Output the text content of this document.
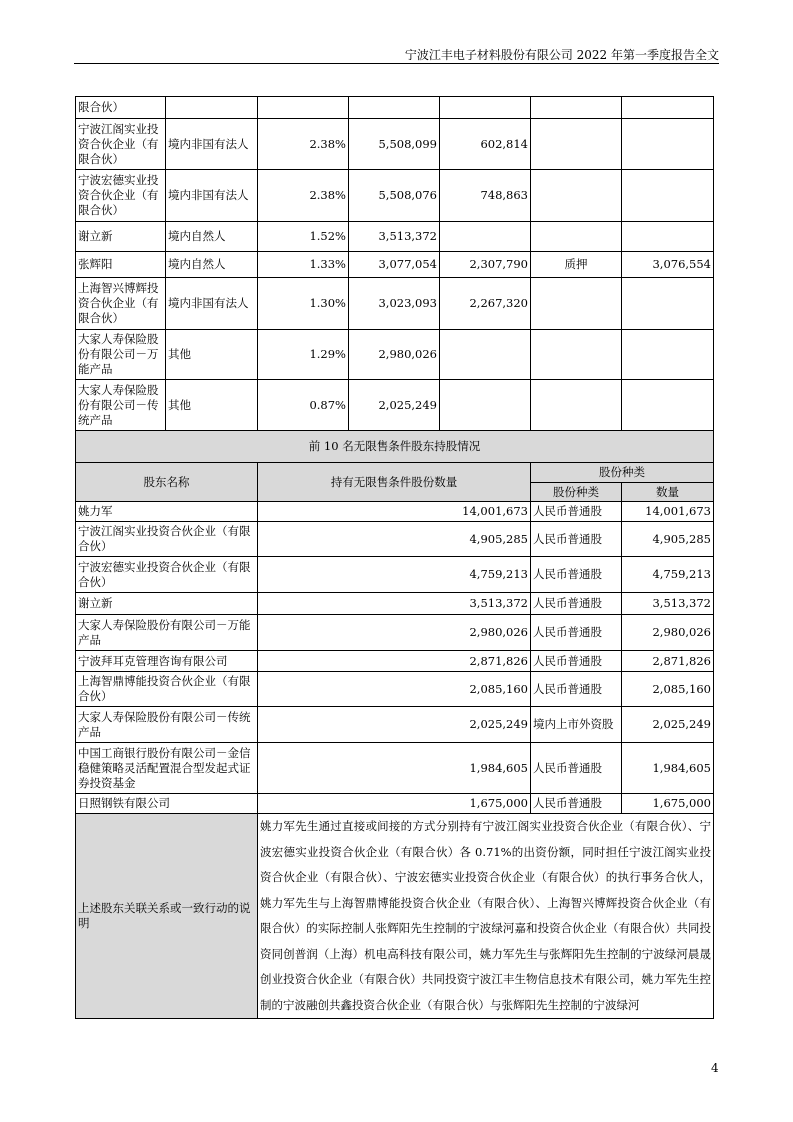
宁波江丰电子材料股份有限公司 2022 年第一季度报告全文
限合伙）						
宁波江阁实业投资合伙企业（有限合伙）	境内非国有法人	2.38%	5,508,099	602,814		
宁波宏德实业投资合伙企业（有限合伙）	境内非国有法人	2.38%	5,508,076	748,863		
谢立新	境内自然人	1.52%	3,513,372			
张辉阳	境内自然人	1.33%	3,077,054	2,307,790	质押	3,076,554
上海智兴博辉投资合伙企业（有限合伙）	境内非国有法人	1.30%	3,023,093	2,267,320		
大家人寿保险股份有限公司－万能产品	其他	1.29%	2,980,026			
大家人寿保险股份有限公司－传统产品	其他	0.87%	2,025,249			
前 10 名无限售条件股东持股情况						
股东名称		持有无限售条件股份数量			股份种类	
					股份种类	数量
姚力军		14,001,673			人民币普通股	14,001,673
宁波江阁实业投资合伙企业（有限合伙）		4,905,285			人民币普通股	4,905,285
宁波宏德实业投资合伙企业（有限合伙）		4,759,213			人民币普通股	4,759,213
谢立新		3,513,372			人民币普通股	3,513,372
大家人寿保险股份有限公司－万能产品		2,980,026			人民币普通股	2,980,026
宁波拜耳克管理咨询有限公司		2,871,826			人民币普通股	2,871,826
上海智鼎博能投资合伙企业（有限合伙）		2,085,160			人民币普通股	2,085,160
大家人寿保险股份有限公司－传统产品		2,025,249			境内上市外资股	2,025,249
中国工商银行股份有限公司－金信稳健策略灵活配置混合型发起式证券投资基金		1,984,605			人民币普通股	1,984,605
日照钢铁有限公司		1,675,000			人民币普通股	1,675,000
上述股东关联关系或一致行动的说明		姚力军先生通过直接或间接的方式分别持有宁波江阁实业投资合伙企业（有限合伙）、宁波宏德实业投资合伙企业（有限合伙）各 0.71%的出资份额，同时担任宁波江阁实业投资合伙企业（有限合伙）、宁波宏德实业投资合伙企业（有限合伙）的执行事务合伙人，姚力军先生与上海智鼎博能投资合伙企业（有限合伙）、上海智兴博辉投资合伙企业（有限合伙）的实际控制人张辉阳先生控制的宁波绿河嘉和投资合伙企业（有限合伙）共同投资同创普润（上海）机电高科技有限公司，姚力军先生与张辉阳先生控制的宁波绿河晨晟创业投资合伙企业（有限合伙）共同投资宁波江丰生物信息技术有限公司，姚力军先生控制的宁波融创共鑫投资合伙企业（有限合伙）与张辉阳先生控制的宁波绿河				
4
